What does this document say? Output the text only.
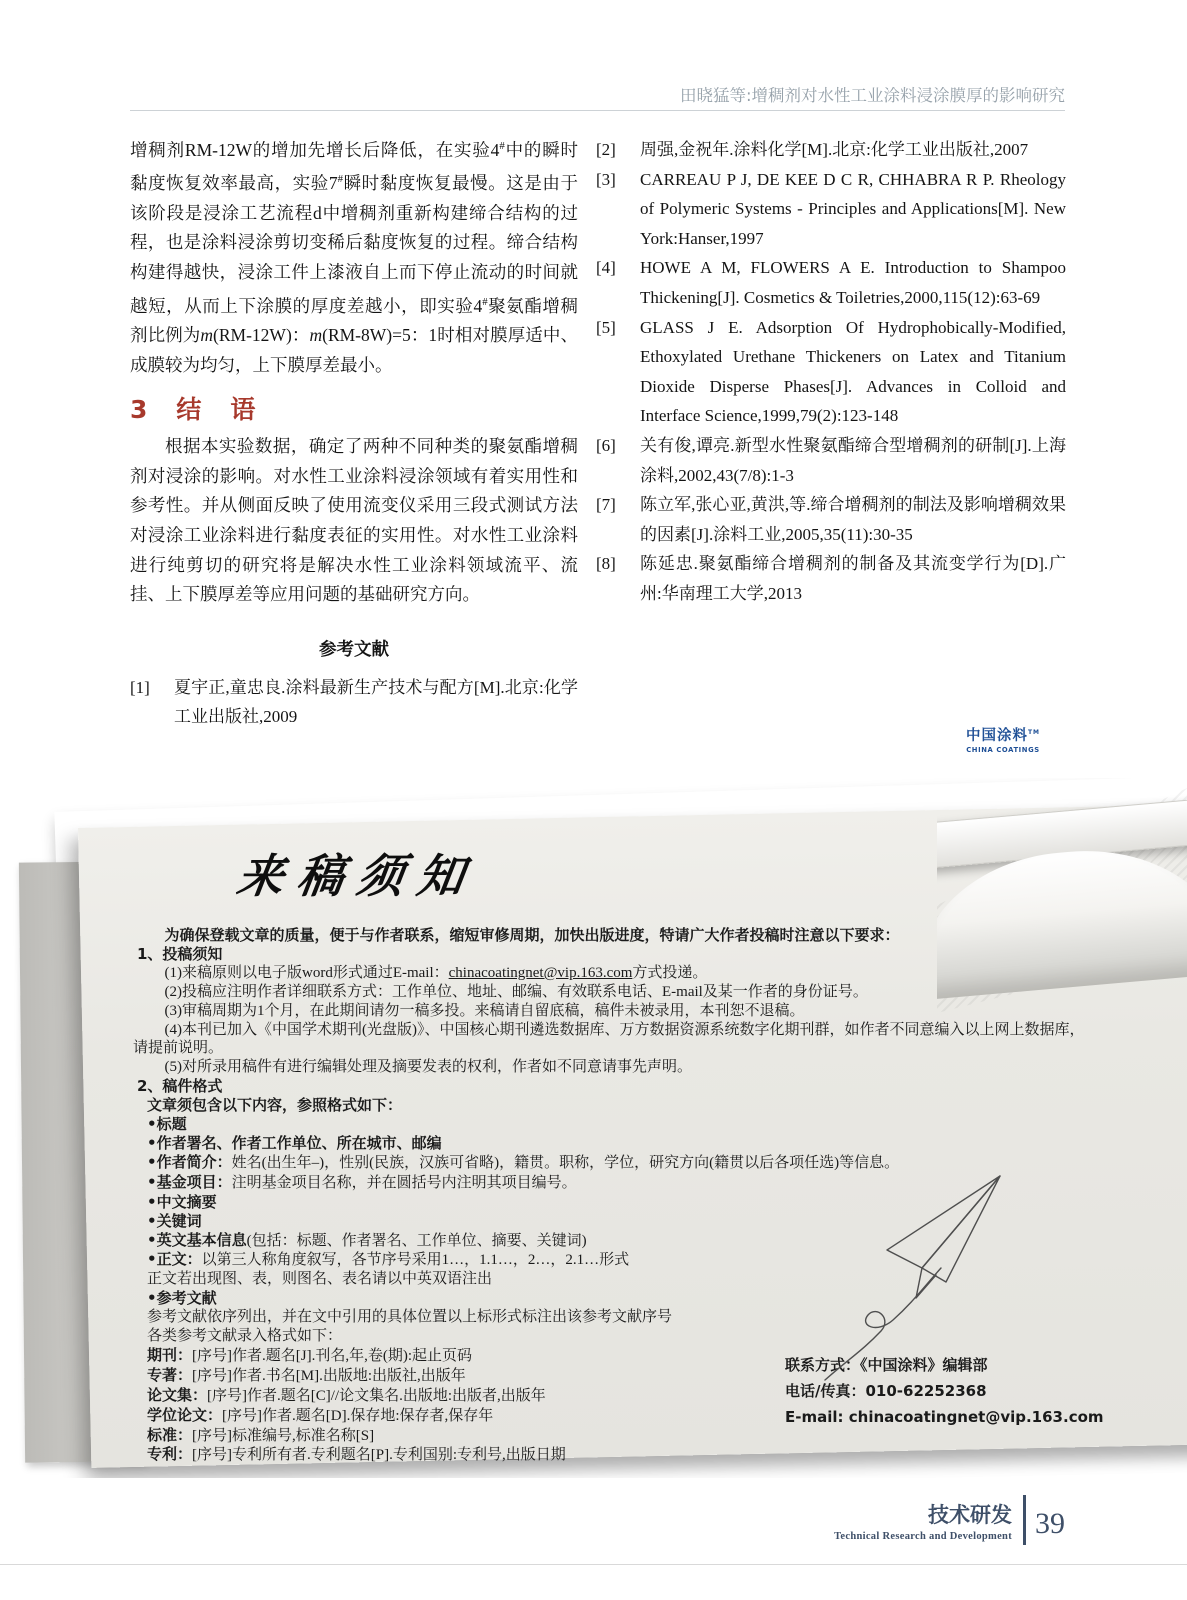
田晓猛等:增稠剂对水性工业涂料浸涂膜厚的影响研究

增稠剂RM-12W的增加先增长后降低，在实验4#中的瞬时黏度恢复效率最高，实验7#瞬时黏度恢复最慢。这是由于该阶段是浸涂工艺流程d中增稠剂重新构建缔合结构的过程，也是涂料浸涂剪切变稀后黏度恢复的过程。缔合结构构建得越快，浸涂工件上漆液自上而下停止流动的时间就越短，从而上下涂膜的厚度差越小，即实验4#聚氨酯增稠剂比例为m(RM-12W)：m(RM-8W)=5：1时相对膜厚适中、成膜较为均匀，上下膜厚差最小。

3　结　语

根据本实验数据，确定了两种不同种类的聚氨酯增稠剂对浸涂的影响。对水性工业涂料浸涂领域有着实用性和参考性。并从侧面反映了使用流变仪采用三段式测试方法对浸涂工业涂料进行黏度表征的实用性。对水性工业涂料进行纯剪切的研究将是解决水性工业涂料领域流平、流挂、上下膜厚差等应用问题的基础研究方向。

参考文献
[1]	夏宇正,童忠良.涂料最新生产技术与配方[M].北京:化学工业出版社,2009
[2]	周强,金祝年.涂料化学[M].北京:化学工业出版社,2007
[3]	CARREAU P J, DE KEE D C R, CHHABRA R P. Rheology of Polymeric Systems - Principles and Applications[M]. New York:Hanser,1997
[4]	HOWE A M, FLOWERS A E. Introduction to Shampoo Thickening[J]. Cosmetics & Toiletries,2000,115(12):63-69
[5]	GLASS J E. Adsorption Of Hydrophobically-Modified, Ethoxylated Urethane Thickeners on Latex and Titanium Dioxide Disperse Phases[J]. Advances in Colloid and Interface Science,1999,79(2):123-148
[6]	关有俊,谭亮.新型水性聚氨酯缔合型增稠剂的研制[J].上海涂料,2002,43(7/8):1-3
[7]	陈立军,张心亚,黄洪,等.缔合增稠剂的制法及影响增稠效果的因素[J].涂料工业,2005,35(11):30-35
[8]	陈延忠.聚氨酯缔合增稠剂的制备及其流变学行为[D].广州:华南理工大学,2013
中国涂料™
CHINA COATINGS
来稿须知

为确保登载文章的质量，便于与作者联系，缩短审修周期，加快出版进度，特请广大作者投稿时注意以下要求：

1、投稿须知

(1)来稿原则以电子版word形式通过E-mail：chinacoatingnet@vip.163.com方式投递。

(2)投稿应注明作者详细联系方式：工作单位、地址、邮编、有效联系电话、E-mail及某一作者的身份证号。

(3)审稿周期为1个月，在此期间请勿一稿多投。来稿请自留底稿，稿件未被录用，本刊恕不退稿。

(4)本刊已加入《中国学术期刊(光盘版)》、中国核心期刊遴选数据库、万方数据资源系统数字化期刊群，如作者不同意编入以上网上数据库，请提前说明。

(5)对所录用稿件有进行编辑处理及摘要发表的权利，作者如不同意请事先声明。

2、稿件格式

文章须包含以下内容，参照格式如下：

•标题

•作者署名、作者工作单位、所在城市、邮编

•作者简介：姓名(出生年–)，性别(民族，汉族可省略)，籍贯。职称，学位，研究方向(籍贯以后各项任选)等信息。

•基金项目：注明基金项目名称，并在圆括号内注明其项目编号。

•中文摘要

•关键词

•英文基本信息(包括：标题、作者署名、工作单位、摘要、关键词)

•正文：以第三人称角度叙写，各节序号采用1…，1.1…，2…，2.1…形式

正文若出现图、表，则图名、表名请以中英双语注出

•参考文献

参考文献依序列出，并在文中引用的具体位置以上标形式标注出该参考文献序号

各类参考文献录入格式如下：

期刊：[序号]作者.题名[J].刊名,年,卷(期):起止页码

专著：[序号]作者.书名[M].出版地:出版社,出版年

论文集：[序号]作者.题名[C]//论文集名.出版地:出版者,出版年

学位论文：[序号]作者.题名[D].保存地:保存者,保存年

标准：[序号]标准编号,标准名称[S]

专利：[序号]专利所有者.专利题名[P].专利国别:专利号,出版日期

联系方式：《中国涂料》编辑部
电话/传真：010-62252368
E-mail: chinacoatingnet@vip.163.com
技术研发
Technical Research and Development 39
